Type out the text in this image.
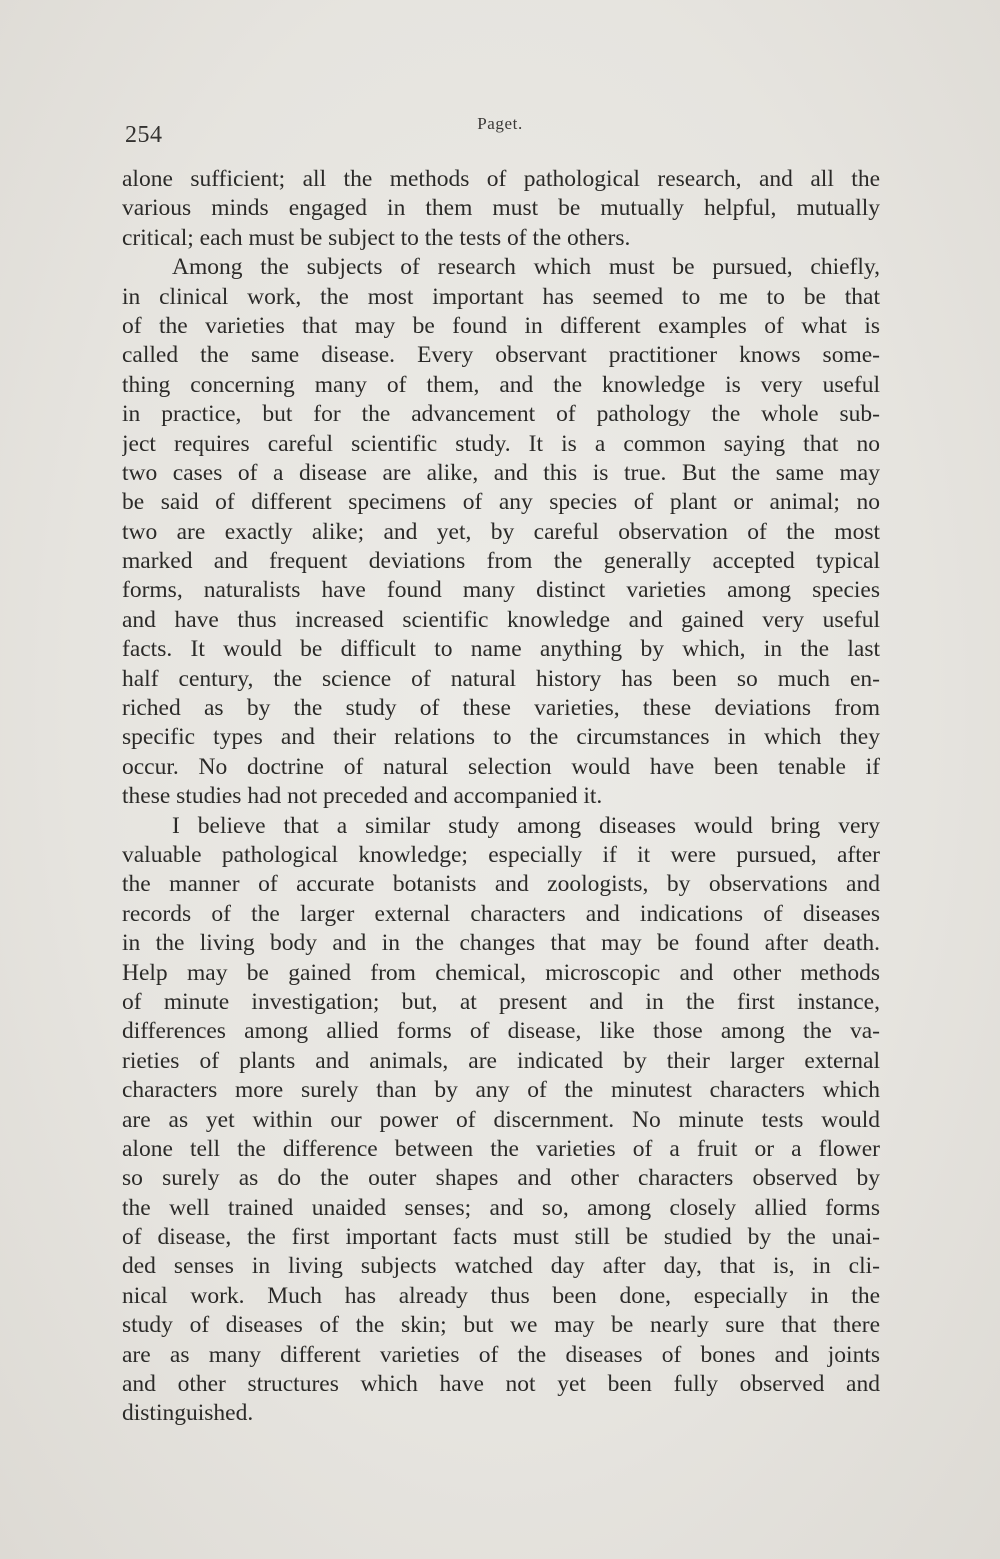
254	Paget.
alone sufficient; all the methods of pathological research, and all the
various minds engaged in them must be mutually helpful, mutually
critical; each must be subject to the tests of the others.
Among the subjects of research which must be pursued, chiefly,
in clinical work, the most important has seemed to me to be that
of the varieties that may be found in different examples of what is
called the same disease. Every observant practitioner knows some-
thing concerning many of them, and the knowledge is very useful
in practice, but for the advancement of pathology the whole sub-
ject requires careful scientific study. It is a common saying that no
two cases of a disease are alike, and this is true. But the same may
be said of different specimens of any species of plant or animal; no
two are exactly alike; and yet, by careful observation of the most
marked and frequent deviations from the generally accepted typical
forms, naturalists have found many distinct varieties among species
and have thus increased scientific knowledge and gained very useful
facts. It would be difficult to name anything by which, in the last
half century, the science of natural history has been so much en-
riched as by the study of these varieties, these deviations from
specific types and their relations to the circumstances in which they
occur. No doctrine of natural selection would have been tenable if
these studies had not preceded and accompanied it.
I believe that a similar study among diseases would bring very
valuable pathological knowledge; especially if it were pursued, after
the manner of accurate botanists and zoologists, by observations and
records of the larger external characters and indications of diseases
in the living body and in the changes that may be found after death.
Help may be gained from chemical, microscopic and other methods
of minute investigation; but, at present and in the first instance,
differences among allied forms of disease, like those among the va-
rieties of plants and animals, are indicated by their larger external
characters more surely than by any of the minutest characters which
are as yet within our power of discernment. No minute tests would
alone tell the difference between the varieties of a fruit or a flower
so surely as do the outer shapes and other characters observed by
the well trained unaided senses; and so, among closely allied forms
of disease, the first important facts must still be studied by the unai-
ded senses in living subjects watched day after day, that is, in cli-
nical work. Much has already thus been done, especially in the
study of diseases of the skin; but we may be nearly sure that there
are as many different varieties of the diseases of bones and joints
and other structures which have not yet been fully observed and
distinguished.
